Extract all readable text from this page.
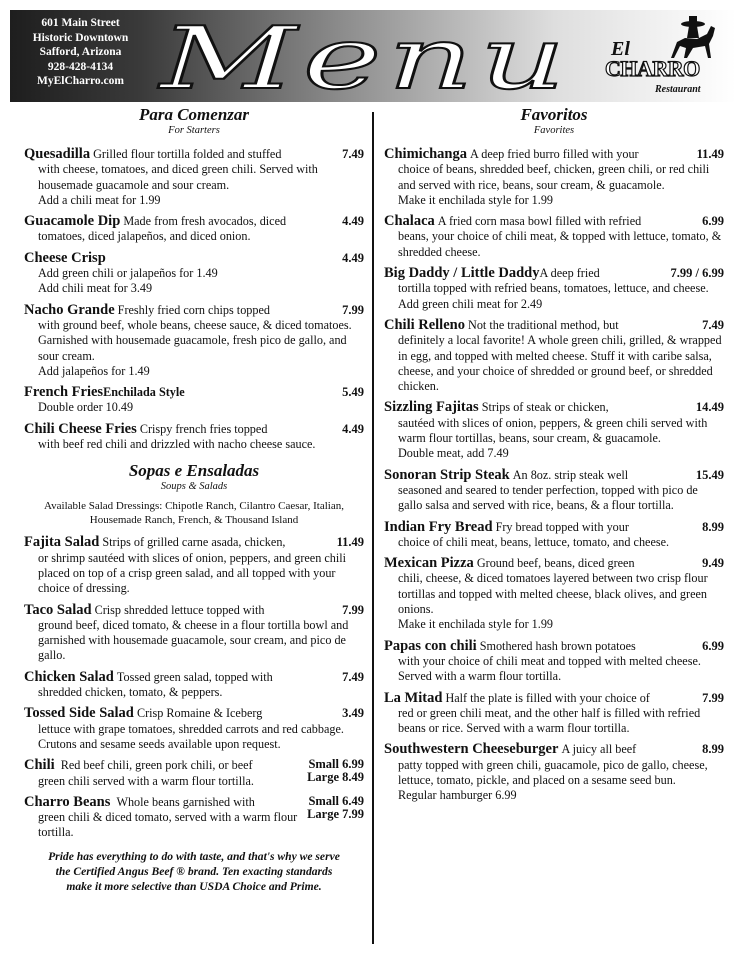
601 Main Street
Historic Downtown
Safford, Arizona
928-428-4134
MyElCharro.com Menu El
CHARRO
Restaurant
Para Comenzar
For Starters
Quesadilla Grilled flour tortilla folded and stuffed
with cheese, tomatoes, and diced green chili. Served with housemade guacamole and sour cream.
Add a chili meat for 1.99
7.49
Guacamole Dip Made from fresh avocados, diced
tomatoes, diced jalapeños, and diced onion.
4.49
Cheese Crisp
Add green chili or jalapeños for 1.49
Add chili meat for 3.49
4.49
Nacho Grande Freshly fried corn chips topped
with ground beef, whole beans, cheese sauce, & diced tomatoes. Garnished with housemade guacamole, fresh pico de gallo, and sour cream.
Add jalapeños for 1.49
7.99
French FriesEnchilada Style
Double order 10.49
5.49
Chili Cheese Fries Crispy french fries topped
with beef red chili and drizzled with nacho cheese sauce.
4.49
Sopas e Ensaladas
Soups & Salads
Available Salad Dressings: Chipotle Ranch, Cilantro Caesar, Italian, Housemade Ranch, French, & Thousand Island
Fajita Salad Strips of grilled carne asada, chicken,
or shrimp sautéed with slices of onion, peppers, and green chili placed on top of a crisp green salad, and all topped with your choice of dressing.
11.49
Taco Salad Crisp shredded lettuce topped with
ground beef, diced tomato, & cheese in a flour tortilla bowl and garnished with housemade guacamole, sour cream, and pico de gallo.
7.99
Chicken Salad Tossed green salad, topped with
shredded chicken, tomato, & peppers.
7.49
Tossed Side Salad Crisp Romaine & Iceberg
lettuce with grape tomatoes, shredded carrots and red cabbage. Crutons and sesame seeds available upon request.
3.49
Chili Red beef chili, green pork chili, or beef
green chili served with a warm flour tortilla.
Small 6.99
Large 8.49
Charro Beans Whole beans garnished with
green chili & diced tomato, served with a warm flour tortilla.
Small 6.49
Large 7.99
Pride has everything to do with taste, and that's why we serve
the Certified Angus Beef ® brand. Ten exacting standards
make it more selective than USDA Choice and Prime.
Favoritos
Favorites
Chimichanga A deep fried burro filled with your
choice of beans, shredded beef, chicken, green chili, or red chili and served with rice, beans, sour cream, & guacamole.
Make it enchilada style for 1.99
11.49
Chalaca A fried corn masa bowl filled with refried
beans, your choice of chili meat, & topped with lettuce, tomato, & shredded cheese.
6.99
Big Daddy / Little DaddyA deep fried
tortilla topped with refried beans, tomatoes, lettuce, and cheese. Add green chili meat for 2.49
7.99 / 6.99
Chili Relleno Not the traditional method, but
definitely a local favorite! A whole green chili, grilled, & wrapped in egg, and topped with melted cheese. Stuff it with caribe salsa, cheese, and your choice of shredded or ground beef, or shredded chicken.
7.49
Sizzling Fajitas Strips of steak or chicken,
sautéed with slices of onion, peppers, & green chili served with warm flour tortillas, beans, sour cream, & guacamole.
Double meat, add 7.49
14.49
Sonoran Strip Steak An 8oz. strip steak well
seasoned and seared to tender perfection, topped with pico de gallo salsa and served with rice, beans, & a flour tortilla.
15.49
Indian Fry Bread Fry bread topped with your
choice of chili meat, beans, lettuce, tomato, and cheese.
8.99
Mexican Pizza Ground beef, beans, diced green
chili, cheese, & diced tomatoes layered between two crisp flour tortillas and topped with melted cheese, black olives, and green onions.
Make it enchilada style for 1.99
9.49
Papas con chili Smothered hash brown potatoes
with your choice of chili meat and topped with melted cheese. Served with a warm flour tortilla.
6.99
La Mitad Half the plate is filled with your choice of
red or green chili meat, and the other half is filled with refried beans or rice. Served with a warm flour tortilla.
7.99
Southwestern Cheeseburger A juicy all beef
patty topped with green chili, guacamole, pico de gallo, cheese, lettuce, tomato, pickle, and placed on a sesame seed bun.
Regular hamburger 6.99
8.99
